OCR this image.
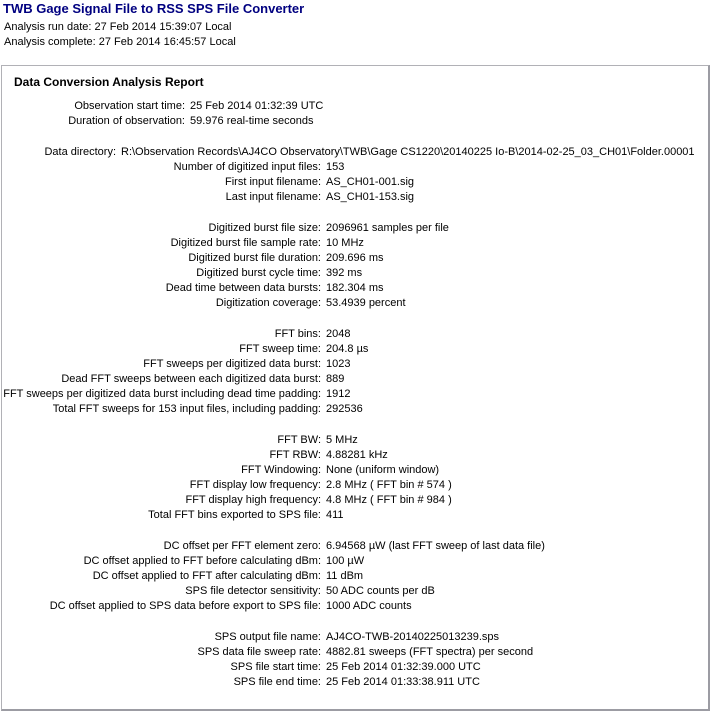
TWB Gage Signal File to RSS SPS File Converter
Analysis run date: 27 Feb 2014 15:39:07 Local
Analysis complete: 27 Feb 2014 16:45:57 Local
Data Conversion Analysis Report
Observation start time: 25 Feb 2014 01:32:39 UTC
Duration of observation: 59.976 real-time seconds
Data directory: R:\Observation Records\AJ4CO Observatory\TWB\Gage CS1220\20140225 Io-B\2014-02-25_03_CH01\Folder.00001
Number of digitized input files: 153
First input filename: AS_CH01-001.sig
Last input filename: AS_CH01-153.sig
Digitized burst file size: 2096961 samples per file
Digitized burst file sample rate: 10 MHz
Digitized burst file duration: 209.696 ms
Digitized burst cycle time: 392 ms
Dead time between data bursts: 182.304 ms
Digitization coverage: 53.4939 percent
FFT bins: 2048
FFT sweep time: 204.8 µs
FFT sweeps per digitized data burst: 1023
Dead FFT sweeps between each digitized data burst: 889
FFT sweeps per digitized data burst including dead time padding: 1912
Total FFT sweeps for 153 input files, including padding: 292536
FFT BW: 5 MHz
FFT RBW: 4.88281 kHz
FFT Windowing: None (uniform window)
FFT display low frequency: 2.8 MHz ( FFT bin # 574 )
FFT display high frequency: 4.8 MHz ( FFT bin # 984 )
Total FFT bins exported to SPS file: 411
DC offset per FFT element zero: 6.94568 µW (last FFT sweep of last data file)
DC offset applied to FFT before calculating dBm: 100 µW
DC offset applied to FFT after calculating dBm: 11 dBm
SPS file detector sensitivity: 50 ADC counts per dB
DC offset applied to SPS data before export to SPS file: 1000 ADC counts
SPS output file name: AJ4CO-TWB-20140225013239.sps
SPS data file sweep rate: 4882.81 sweeps (FFT spectra) per second
SPS file start time: 25 Feb 2014 01:32:39.000 UTC
SPS file end time: 25 Feb 2014 01:33:38.911 UTC
